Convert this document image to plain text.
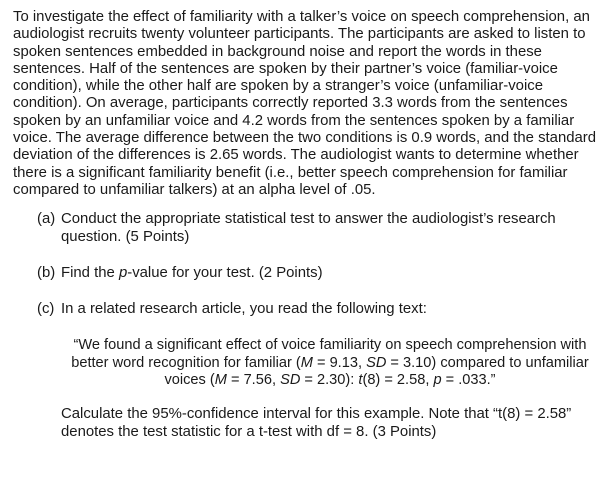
To investigate the effect of familiarity with a talker’s voice on speech comprehension, an audiologist recruits twenty volunteer participants. The participants are asked to listen to spoken sentences embedded in background noise and report the words in these sentences. Half of the sentences are spoken by their partner’s voice (familiar-voice condition), while the other half are spoken by a stranger’s voice (unfamiliar-voice condition). On average, participants correctly reported 3.3 words from the sentences spoken by an unfamiliar voice and 4.2 words from the sentences spoken by a familiar voice. The average difference between the two conditions is 0.9 words, and the standard deviation of the differences is 2.65 words. The audiologist wants to determine whether there is a significant familiarity benefit (i.e., better speech comprehension for familiar compared to unfamiliar talkers) at an alpha level of .05.

(a) Conduct the appropriate statistical test to answer the audiologist’s research question. (5 Points)
(b) Find the p-value for your test. (2 Points)
(c) In a related research article, you read the following text:
“We found a significant effect of voice familiarity on speech comprehension with better word recognition for familiar (M = 9.13, SD = 3.10) compared to unfamiliar voices (M = 7.56, SD = 2.30): t(8) = 2.58, p = .033.”
Calculate the 95%-confidence interval for this example. Note that “t(8) = 2.58” denotes the test statistic for a t-test with df = 8. (3 Points)
